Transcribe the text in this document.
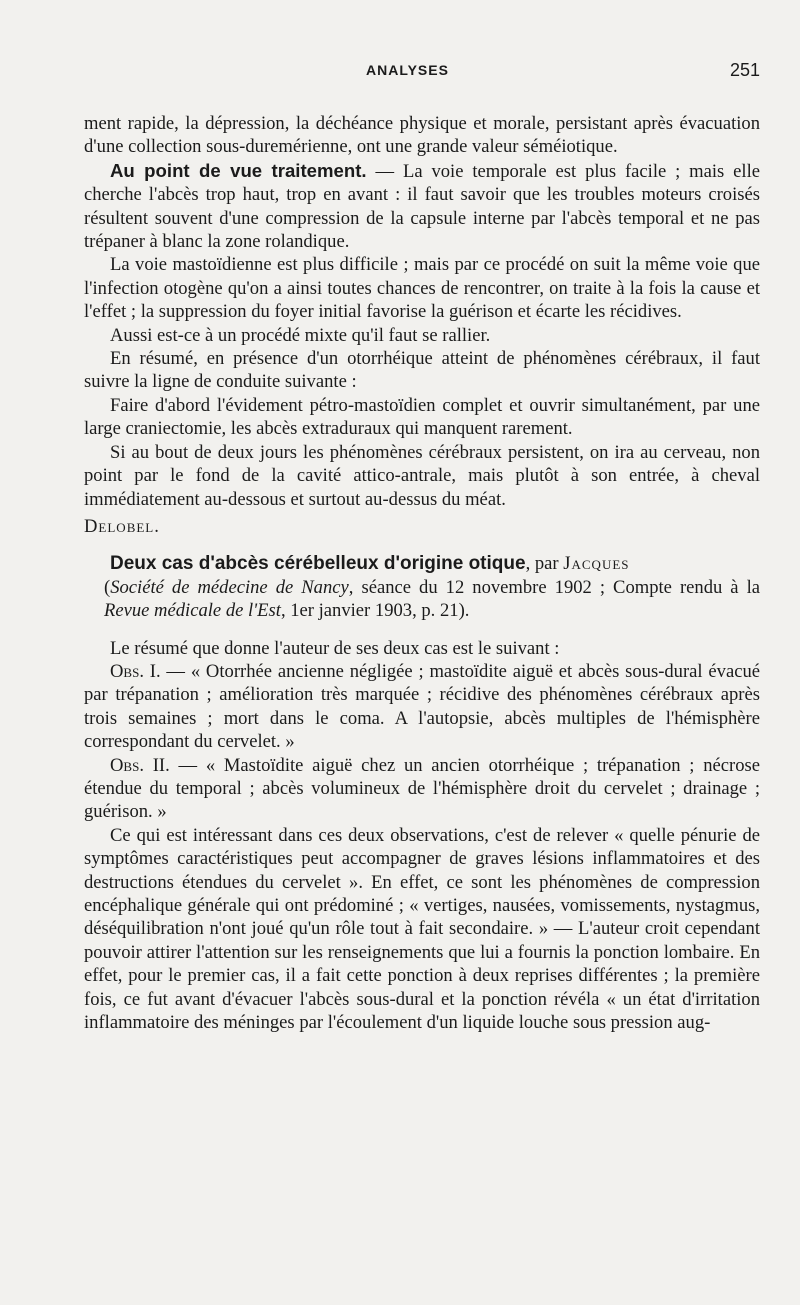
ANALYSES	251

ment rapide, la dépression, la déchéance physique et morale, persistant après évacuation d'une collection sous-duremérienne, ont une grande valeur séméiotique.

Au point de vue traitement. — La voie temporale est plus facile ; mais elle cherche l'abcès trop haut, trop en avant : il faut savoir que les troubles moteurs croisés résultent souvent d'une compression de la capsule interne par l'abcès temporal et ne pas trépaner à blanc la zone rolandique.

La voie mastoïdienne est plus difficile ; mais par ce procédé on suit la même voie que l'infection otogène qu'on a ainsi toutes chances de rencontrer, on traite à la fois la cause et l'effet ; la suppression du foyer initial favorise la guérison et écarte les récidives.

Aussi est-ce à un procédé mixte qu'il faut se rallier.

En résumé, en présence d'un otorrhéique atteint de phénomènes cérébraux, il faut suivre la ligne de conduite suivante :

Faire d'abord l'évidement pétro-mastoïdien complet et ouvrir simultanément, par une large craniectomie, les abcès extraduraux qui manquent rarement.

Si au bout de deux jours les phénomènes cérébraux persistent, on ira au cerveau, non point par le fond de la cavité attico-antrale, mais plutôt à son entrée, à cheval immédiatement au-dessous et surtout au-dessus du méat.

Delobel.

Deux cas d'abcès cérébelleux d'origine otique, par Jacques

(Société de médecine de Nancy, séance du 12 novembre 1902 ; Compte rendu à la Revue médicale de l'Est, 1er janvier 1903, p. 21).

Le résumé que donne l'auteur de ses deux cas est le suivant :

Obs. I. — « Otorrhée ancienne négligée ; mastoïdite aiguë et abcès sous-dural évacué par trépanation ; amélioration très marquée ; récidive des phénomènes cérébraux après trois semaines ; mort dans le coma. A l'autopsie, abcès multiples de l'hémisphère correspondant du cervelet. »

Obs. II. — « Mastoïdite aiguë chez un ancien otorrhéique ; trépanation ; nécrose étendue du temporal ; abcès volumineux de l'hémisphère droit du cervelet ; drainage ; guérison. »

Ce qui est intéressant dans ces deux observations, c'est de relever « quelle pénurie de symptômes caractéristiques peut accompagner de graves lésions inflammatoires et des destructions étendues du cervelet ». En effet, ce sont les phénomènes de compression encéphalique générale qui ont prédominé ; « vertiges, nausées, vomissements, nystagmus, déséquilibration n'ont joué qu'un rôle tout à fait secondaire. » — L'auteur croit cependant pouvoir attirer l'attention sur les renseignements que lui a fournis la ponction lombaire. En effet, pour le premier cas, il a fait cette ponction à deux reprises différentes ; la première fois, ce fut avant d'évacuer l'abcès sous-dural et la ponction révéla « un état d'irritation inflammatoire des méninges par l'écoulement d'un liquide louche sous pression aug-
